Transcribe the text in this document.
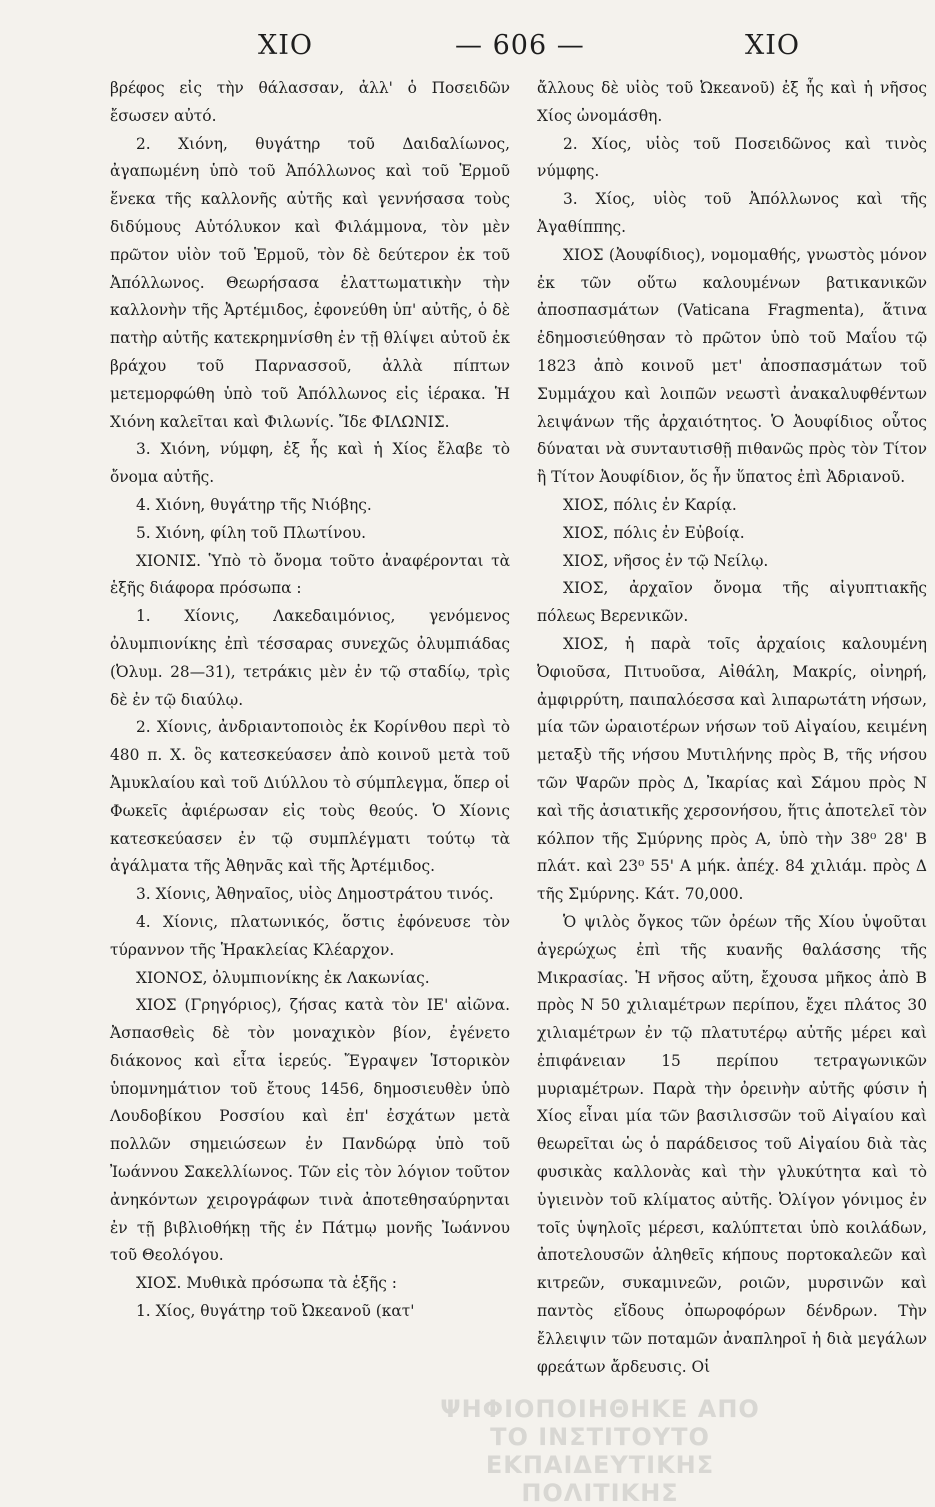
ΧΙΟ	— 606 —	ΧΙΟ

βρέφος εἰς τὴν θάλασσαν, ἀλλ' ὁ Ποσειδῶν ἔσωσεν αὐτό.

2. Χιόνη, θυγάτηρ τοῦ Δαιδαλίωνος, ἀγαπωμένη ὑπὸ τοῦ Ἀπόλλωνος καὶ τοῦ Ἑρμοῦ ἕνεκα τῆς καλλονῆς αὐτῆς καὶ γεννήσασα τοὺς διδύμους Αὐτόλυκον καὶ Φιλάμμονα, τὸν μὲν πρῶτον υἱὸν τοῦ Ἑρμοῦ, τὸν δὲ δεύτερον ἐκ τοῦ Ἀπόλλωνος. Θεωρήσασα ἐλαττωματικὴν τὴν καλλονὴν τῆς Ἀρτέμιδος, ἐφονεύθη ὑπ' αὐτῆς, ὁ δὲ πατὴρ αὐτῆς κατεκρημνίσθη ἐν τῇ θλίψει αὐτοῦ ἐκ βράχου τοῦ Παρνασσοῦ, ἀλλὰ πίπτων μετεμορφώθη ὑπὸ τοῦ Ἀπόλλωνος εἰς ἱέρακα. Ἡ Χιόνη καλεῖται καὶ Φιλωνίς. Ἴδε ΦΙΛΩΝΙΣ.

3. Χιόνη, νύμφη, ἐξ ἧς καὶ ἡ Χίος ἔλαβε τὸ ὄνομα αὐτῆς.

4. Χιόνη, θυγάτηρ τῆς Νιόβης.

5. Χιόνη, φίλη τοῦ Πλωτίνου.

ΧΙΟΝΙΣ. Ὑπὸ τὸ ὄνομα τοῦτο ἀναφέρονται τὰ ἑξῆς διάφορα πρόσωπα :

1. Χίονις, Λακεδαιμόνιος, γενόμενος ὀλυμπιονίκης ἐπὶ τέσσαρας συνεχῶς ὀλυμπιάδας (Ὀλυμ. 28—31), τετράκις μὲν ἐν τῷ σταδίῳ, τρὶς δὲ ἐν τῷ διαύλῳ.

2. Χίονις, ἀνδριαντοποιὸς ἐκ Κορίνθου περὶ τὸ 480 π. Χ. ὃς κατεσκεύασεν ἀπὸ κοινοῦ μετὰ τοῦ Ἀμυκλαίου καὶ τοῦ Διύλλου τὸ σύμπλεγμα, ὅπερ οἱ Φωκεῖς ἀφιέρωσαν εἰς τοὺς θεούς. Ὁ Χίονις κατεσκεύασεν ἐν τῷ συμπλέγματι τούτῳ τὰ ἀγάλματα τῆς Ἀθηνᾶς καὶ τῆς Ἀρτέμιδος.

3. Χίονις, Ἀθηναῖος, υἱὸς Δημοστράτου τινός.

4. Χίονις, πλατωνικός, ὅστις ἐφόνευσε τὸν τύραννον τῆς Ἡρακλείας Κλέαρχον.

ΧΙΟΝΟΣ, ὀλυμπιονίκης ἐκ Λακωνίας.

ΧΙΟΣ (Γρηγόριος), ζήσας κατὰ τὸν ΙΕ' αἰῶνα. Ἀσπασθεὶς δὲ τὸν μοναχικὸν βίον, ἐγένετο διάκονος καὶ εἶτα ἱερεύς. Ἔγραψεν Ἱστορικὸν ὑπομνημάτιον τοῦ ἔτους 1456, δημοσιευθὲν ὑπὸ Λουδοβίκου Ροσσίου καὶ ἐπ' ἐσχάτων μετὰ πολλῶν σημειώσεων ἐν Πανδώρᾳ ὑπὸ τοῦ Ἰωάννου Σακελλίωνος. Τῶν εἰς τὸν λόγιον τοῦτον ἀνηκόντων χειρογράφων τινὰ ἀποτεθησαύρηνται ἐν τῇ βιβλιοθήκῃ τῆς ἐν Πάτμῳ μονῆς Ἰωάννου τοῦ Θεολόγου.

ΧΙΟΣ. Μυθικὰ πρόσωπα τὰ ἑξῆς :

1. Χίος, θυγάτηρ τοῦ Ὠκεανοῦ (κατ'

ἄλλους δὲ υἱὸς τοῦ Ὠκεανοῦ) ἐξ ἧς καὶ ἡ νῆσος Χίος ὠνομάσθη.

2. Χίος, υἱὸς τοῦ Ποσειδῶνος καὶ τινὸς νύμφης.

3. Χίος, υἱὸς τοῦ Ἀπόλλωνος καὶ τῆς Ἀγαθίππης.

ΧΙΟΣ (Ἀουφίδιος), νομομαθής, γνωστὸς μόνον ἐκ τῶν οὕτω καλουμένων βατικανικῶν ἀποσπασμάτων (Vaticana Fragmenta), ἅτινα ἐδημοσιεύθησαν τὸ πρῶτον ὑπὸ τοῦ Μαΐου τῷ 1823 ἀπὸ κοινοῦ μετ' ἀποσπασμάτων τοῦ Συμμάχου καὶ λοιπῶν νεωστὶ ἀνακαλυφθέντων λειψάνων τῆς ἀρχαιότητος. Ὁ Ἀουφίδιος οὗτος δύναται νὰ συνταυτισθῇ πιθανῶς πρὸς τὸν Τίτον ἢ Τίτον Ἀουφίδιον, ὅς ἦν ὕπατος ἐπὶ Ἀδριανοῦ.

ΧΙΟΣ, πόλις ἐν Καρίᾳ.

ΧΙΟΣ, πόλις ἐν Εὐβοίᾳ.

ΧΙΟΣ, νῆσος ἐν τῷ Νείλῳ.

ΧΙΟΣ, ἀρχαῖον ὄνομα τῆς αἰγυπτιακῆς πόλεως Βερενικῶν.

ΧΙΟΣ, ἡ παρὰ τοῖς ἀρχαίοις καλουμένη Ὀφιοῦσα, Πιτυοῦσα, Αἰθάλη, Μακρίς, οἰνηρή, ἀμφιρρύτη, παιπαλόεσσα καὶ λιπαρωτάτη νήσων, μία τῶν ὡραιοτέρων νήσων τοῦ Αἰγαίου, κειμένη μεταξὺ τῆς νήσου Μυτιλήνης πρὸς Β, τῆς νήσου τῶν Ψαρῶν πρὸς Δ, Ἰκαρίας καὶ Σάμου πρὸς Ν καὶ τῆς ἀσιατικῆς χερσονήσου, ἥτις ἀποτελεῖ τὸν κόλπον τῆς Σμύρνης πρὸς Α, ὑπὸ τὴν 38⁰ 28' Β πλάτ. καὶ 23⁰ 55' Α μήκ. ἀπέχ. 84 χιλιάμ. πρὸς Δ τῆς Σμύρνης. Κάτ. 70,000.

Ὁ ψιλὸς ὄγκος τῶν ὀρέων τῆς Χίου ὑψοῦται ἀγερώχως ἐπὶ τῆς κυανῆς θαλάσσης τῆς Μικρασίας. Ἡ νῆσος αὕτη, ἔχουσα μῆκος ἀπὸ Β πρὸς Ν 50 χιλιαμέτρων περίπου, ἔχει πλάτος 30 χιλιαμέτρων ἐν τῷ πλατυτέρῳ αὐτῆς μέρει καὶ ἐπιφάνειαν 15 περίπου τετραγωνικῶν μυριαμέτρων. Παρὰ τὴν ὀρεινὴν αὐτῆς φύσιν ἡ Χίος εἶναι μία τῶν βασιλισσῶν τοῦ Αἰγαίου καὶ θεωρεῖται ὡς ὁ παράδεισος τοῦ Αἰγαίου διὰ τὰς φυσικὰς καλλονὰς καὶ τὴν γλυκύτητα καὶ τὸ ὑγιεινὸν τοῦ κλίματος αὐτῆς. Ὀλίγον γόνιμος ἐν τοῖς ὑψηλοῖς μέρεσι, καλύπτεται ὑπὸ κοιλάδων, ἀποτελουσῶν ἀληθεῖς κήπους πορτοκαλεῶν καὶ κιτρεῶν, συκαμινεῶν, ροιῶν, μυρσινῶν καὶ παντὸς εἴδους ὀπωροφόρων δένδρων. Τὴν ἔλλειψιν τῶν ποταμῶν ἀναπληροῖ ἡ διὰ μεγάλων φρεάτων ἄρδευσις. Οἱ

ΨΗΦΙΟΠΟΙΗΘΗΚΕ ΑΠΟ ΤΟ ΙΝΣΤΙΤΟΥΤΟ ΕΚΠΑΙΔΕΥΤΙΚΗΣ ΠΟΛΙΤΙΚΗΣ
